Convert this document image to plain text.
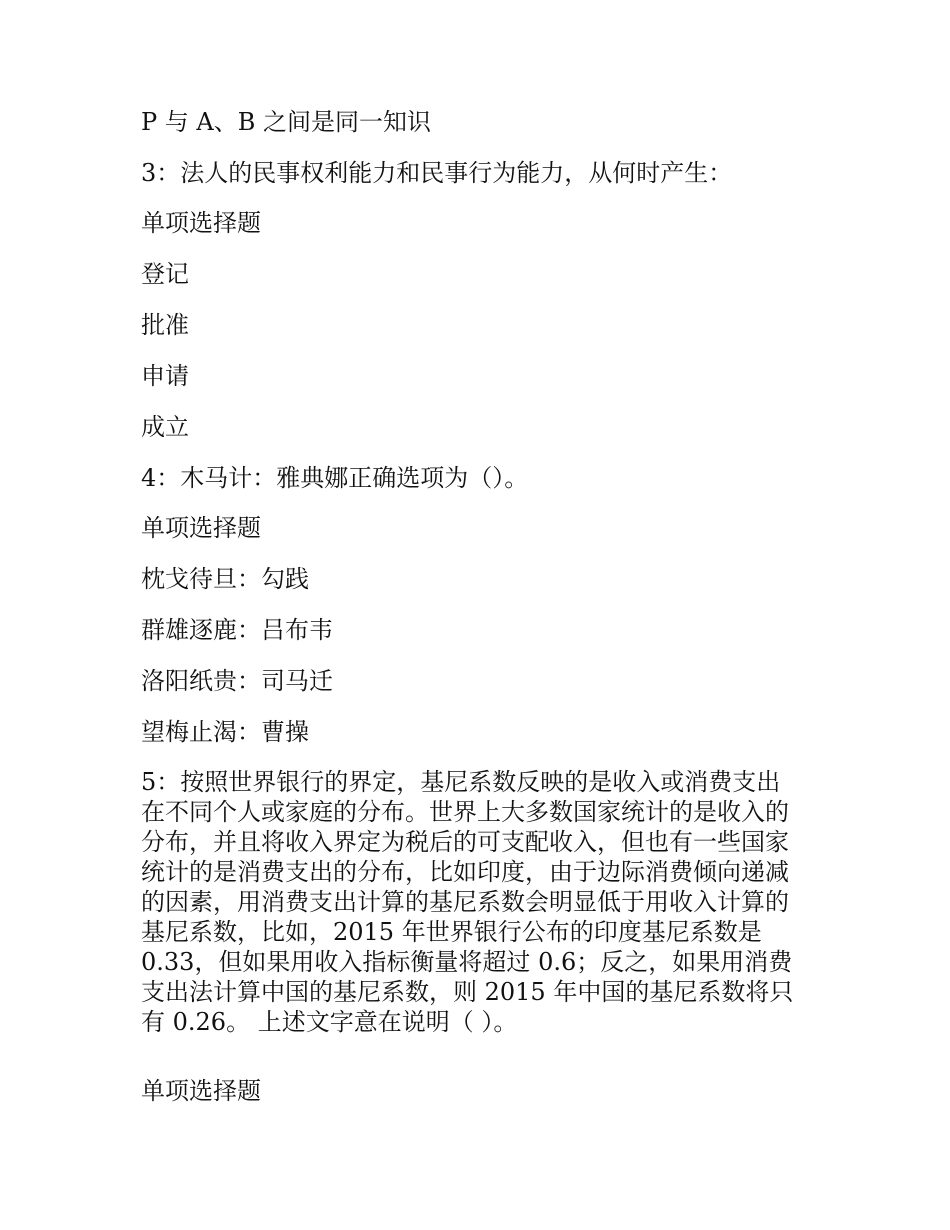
P 与 A、B 之间是同一知识

3：法人的民事权利能力和民事行为能力，从何时产生：

单项选择题

登记

批准

申请

成立

4：木马计：雅典娜正确选项为（）。

单项选择题

枕戈待旦：勾践

群雄逐鹿：吕布韦

洛阳纸贵：司马迁

望梅止渴：曹操

5：按照世界银行的界定，基尼系数反映的是收入或消费支出
在不同个人或家庭的分布。世界上大多数国家统计的是收入的
分布，并且将收入界定为税后的可支配收入，但也有一些国家
统计的是消费支出的分布，比如印度，由于边际消费倾向递减
的因素，用消费支出计算的基尼系数会明显低于用收入计算的
基尼系数，比如，2015 年世界银行公布的印度基尼系数是
0.33，但如果用收入指标衡量将超过 0.6；反之，如果用消费
支出法计算中国的基尼系数，则 2015 年中国的基尼系数将只
有 0.26。 上述文字意在说明（ ）。

单项选择题
